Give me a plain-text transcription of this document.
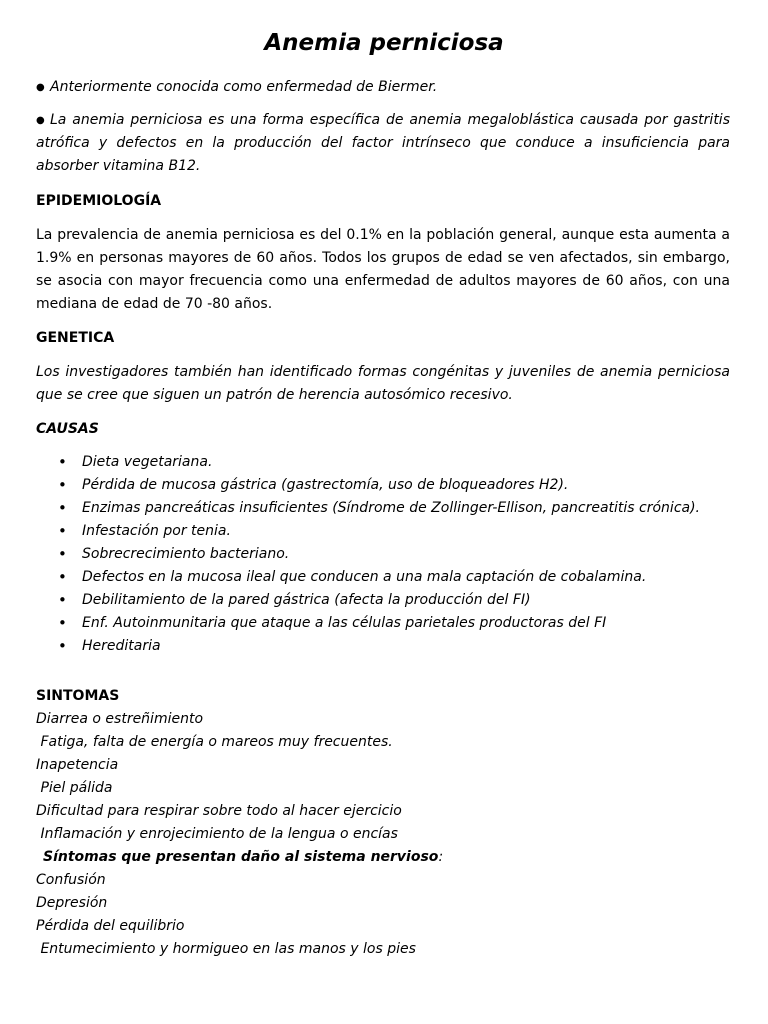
Anemia perniciosa
● Anteriormente conocida como enfermedad de Biermer.
● La anemia perniciosa es una forma específica de anemia megaloblástica causada por gastritis atrófica y defectos en la producción del factor intrínseco que conduce a insuficiencia para absorber vitamina B12.
EPIDEMIOLOGÍA
La prevalencia de anemia perniciosa es del 0.1% en la población general, aunque esta aumenta a 1.9% en personas mayores de 60 años. Todos los grupos de edad se ven afectados, sin embargo, se asocia con mayor frecuencia como una enfermedad de adultos mayores de 60 años, con una mediana de edad de 70 -80 años.
GENETICA
Los investigadores también han identificado formas congénitas y juveniles de anemia perniciosa que se cree que siguen un patrón de herencia autosómico recesivo.
CAUSAS
• Dieta vegetariana.
• Pérdida de mucosa gástrica (gastrectomía, uso de bloqueadores H2).
• Enzimas pancreáticas insuficientes (Síndrome de Zollinger-Ellison, pancreatitis crónica).
• Infestación por tenia.
• Sobrecrecimiento bacteriano.
• Defectos en la mucosa ileal que conducen a una mala captación de cobalamina.
• Debilitamiento de la pared gástrica (afecta la producción del FI)
• Enf. Autoinmunitaria que ataque a las células parietales productoras del FI
• Hereditaria
SINTOMAS
Diarrea o estreñimiento
Fatiga, falta de energía o mareos muy frecuentes.
Inapetencia
Piel pálida
Dificultad para respirar sobre todo al hacer ejercicio
Inflamación y enrojecimiento de la lengua o encías
Síntomas que presentan daño al sistema nervioso:
Confusión
Depresión
Pérdida del equilibrio
Entumecimiento y hormigueo en las manos y los pies
